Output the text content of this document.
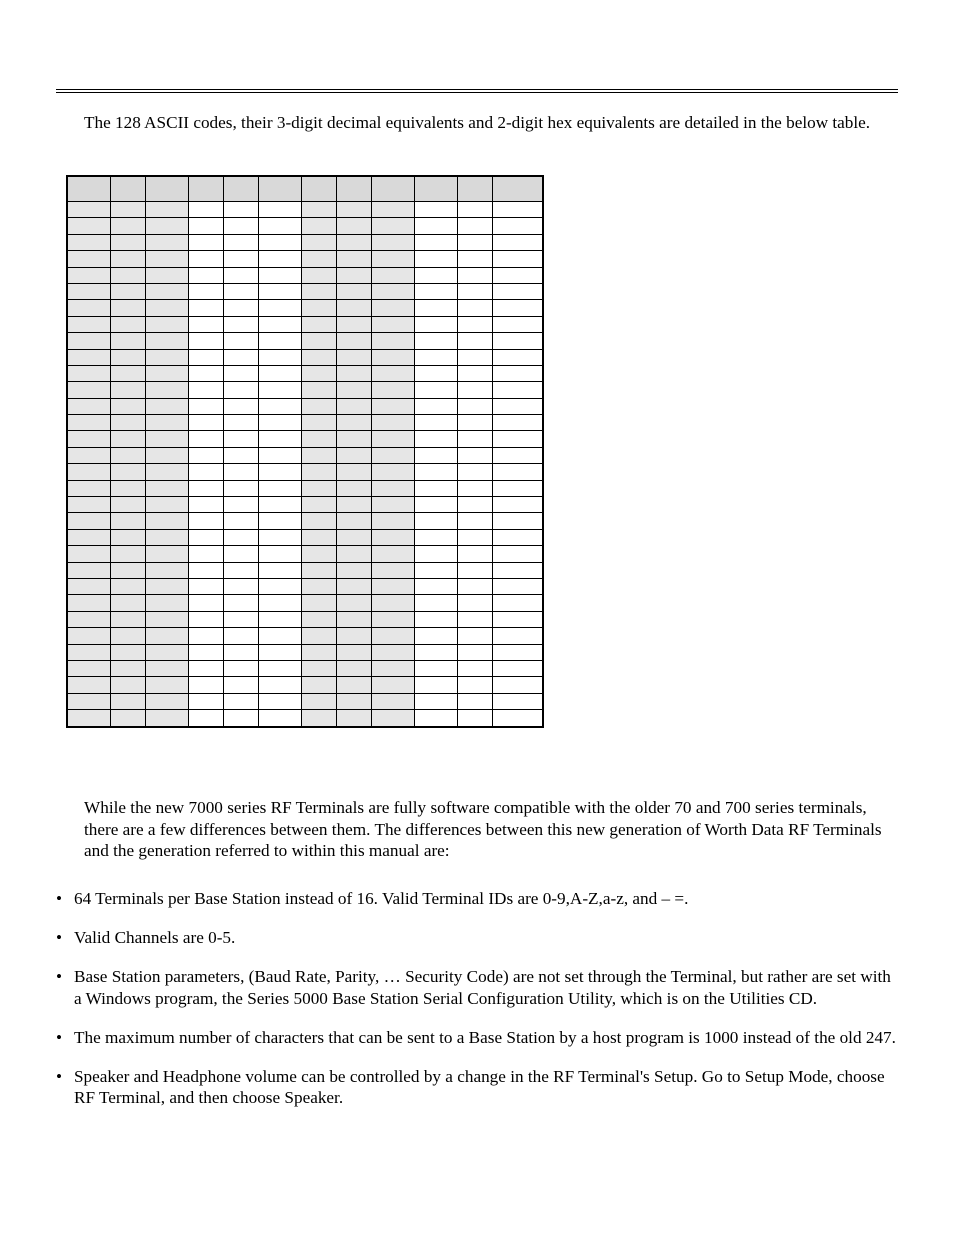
The 128 ASCII codes, their 3-digit decimal equivalents and 2-digit hex equivalents are detailed in the below table.

While the new 7000 series RF Terminals are fully software compatible with the older 70 and 700 series terminals, there are a few differences between them. The differences between this new generation of Worth Data RF Terminals and the generation referred to within this manual are:

• 64 Terminals per Base Station instead of 16. Valid Terminal IDs are 0-9,A-Z,a-z, and – =.
• Valid Channels are 0-5.
• Base Station parameters, (Baud Rate, Parity, … Security Code) are not set through the Terminal, but rather are set with a Windows program, the Series 5000 Base Station Serial Configuration Utility, which is on the Utilities CD.
• The maximum number of characters that can be sent to a Base Station by a host program is 1000 instead of the old 247.
• Speaker and Headphone volume can be controlled by a change in the RF Terminal's Setup. Go to Setup Mode, choose RF Terminal, and then choose Speaker.
